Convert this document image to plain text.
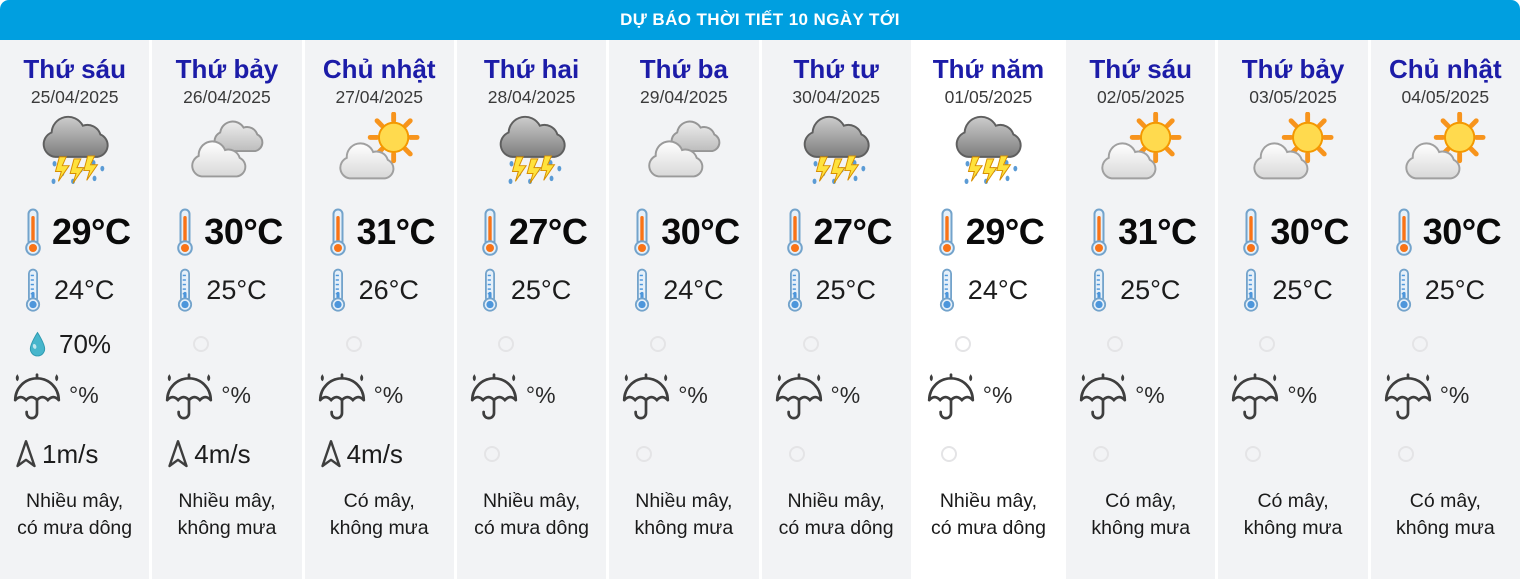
DỰ BÁO THỜI TIẾT 10 NGÀY TỚI
Thứ sáu
25/04/2025
29°C
24°C
70%
°%
1m/s
Nhiều mây,
có mưa dông
Thứ bảy
26/04/2025
30°C
25°C
°%
4m/s
Nhiều mây,
không mưa
Chủ nhật
27/04/2025
31°C
26°C
°%
4m/s
Có mây,
không mưa
Thứ hai
28/04/2025
27°C
25°C
°%
Nhiều mây,
có mưa dông
Thứ ba
29/04/2025
30°C
24°C
°%
Nhiều mây,
không mưa
Thứ tư
30/04/2025
27°C
25°C
°%
Nhiều mây,
có mưa dông
Thứ năm
01/05/2025
29°C
24°C
°%
Nhiều mây,
có mưa dông
Thứ sáu
02/05/2025
31°C
25°C
°%
Có mây,
không mưa
Thứ bảy
03/05/2025
30°C
25°C
°%
Có mây,
không mưa
Chủ nhật
04/05/2025
30°C
25°C
°%
Có mây,
không mưa
